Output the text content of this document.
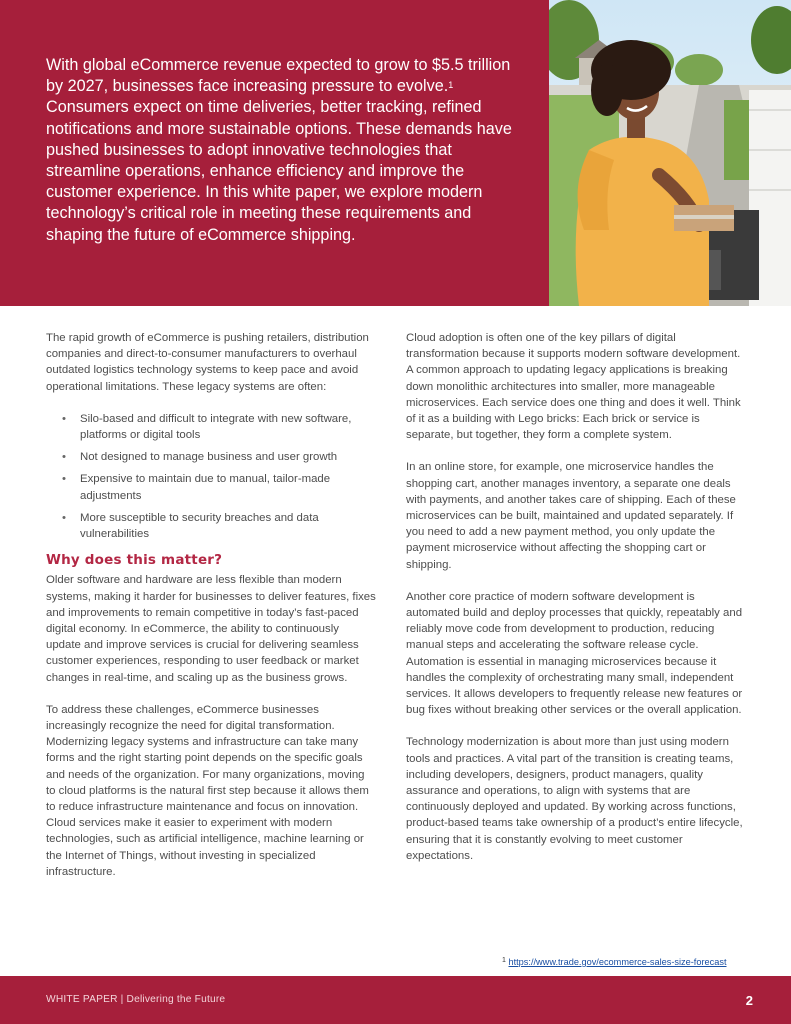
With global eCommerce revenue expected to grow to $5.5 trillion by 2027, businesses face increasing pressure to evolve.$^1$ Consumers expect on time deliveries, better tracking, refined notifications and more sustainable options. These demands have pushed businesses to adopt innovative technologies that streamline operations, enhance efficiency and improve the customer experience. In this white paper, we explore modern technology’s critical role in meeting these requirements and shaping the future of eCommerce shipping.

The rapid growth of eCommerce is pushing retailers, distribution companies and direct-to-consumer manufacturers to overhaul outdated logistics technology systems to keep pace and avoid operational limitations. These legacy systems are often:

• Silo-based and difficult to integrate with new software, platforms or digital tools
• Not designed to manage business and user growth
• Expensive to maintain due to manual, tailor-made adjustments
• More susceptible to security breaches and data vulnerabilities
Why does this matter?

Older software and hardware are less flexible than modern systems, making it harder for businesses to deliver features, fixes and improvements to remain competitive in today’s fast-paced digital economy. In eCommerce, the ability to continuously update and improve services is crucial for delivering seamless customer experiences, responding to user feedback or market changes in real-time, and scaling up as the business grows.

To address these challenges, eCommerce businesses increasingly recognize the need for digital transformation. Modernizing legacy systems and infrastructure can take many forms and the right starting point depends on the specific goals and needs of the organization. For many organizations, moving to cloud platforms is the natural first step because it allows them to reduce infrastructure maintenance and focus on innovation. Cloud services make it easier to experiment with modern technologies, such as artificial intelligence, machine learning or the Internet of Things, without investing in specialized infrastructure.

Cloud adoption is often one of the key pillars of digital transformation because it supports modern software development. A common approach to updating legacy applications is breaking down monolithic architectures into smaller, more manageable microservices. Each service does one thing and does it well. Think of it as a building with Lego bricks: Each brick or service is separate, but together, they form a complete system.

In an online store, for example, one microservice handles the shopping cart, another manages inventory, a separate one deals with payments, and another takes care of shipping. Each of these microservices can be built, maintained and updated separately. If you need to add a new payment method, you only update the payment microservice without affecting the shopping cart or shipping.

Another core practice of modern software development is automated build and deploy processes that quickly, repeatably and reliably move code from development to production, reducing manual steps and accelerating the software release cycle. Automation is essential in managing microservices because it handles the complexity of orchestrating many small, independent services. It allows developers to frequently release new features or bug fixes without breaking other services or the overall application.

Technology modernization is about more than just using modern tools and practices. A vital part of the transition is creating teams, including developers, designers, product managers, quality assurance and operations, to align with systems that are continuously deployed and updated. By working across functions, product-based teams take ownership of a product’s entire lifecycle, ensuring that it is constantly evolving to meet customer expectations.

$^1$ https://www.trade.gov/ecommerce-sales-size-forecast
WHITE PAPER | Delivering the Future	2
